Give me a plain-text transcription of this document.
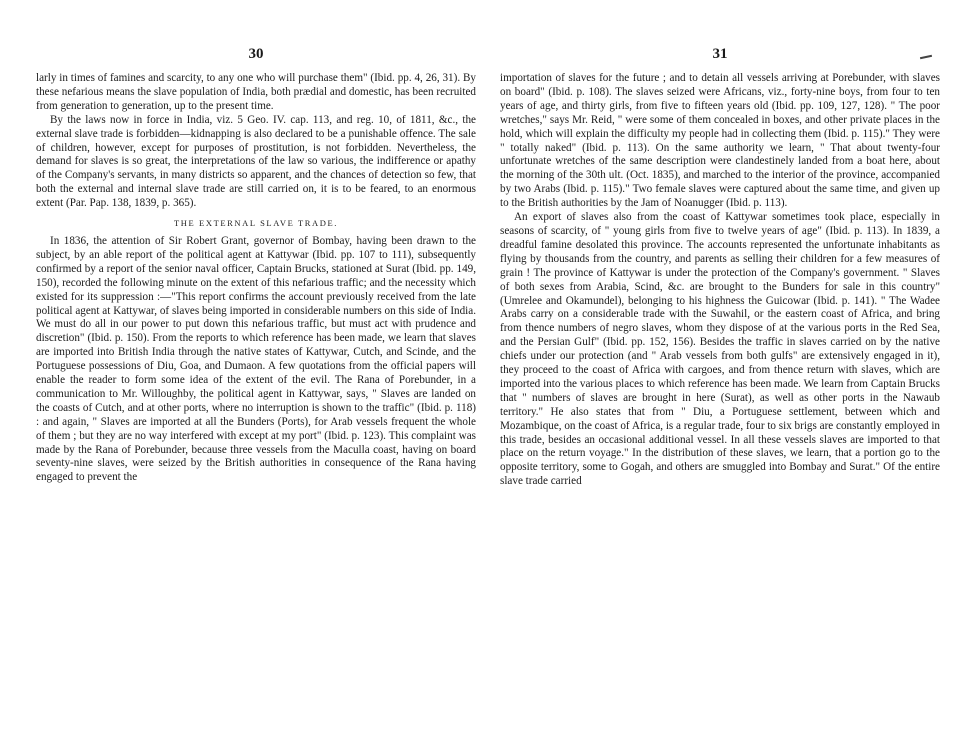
30

larly in times of famines and scarcity, to any one who will purchase them" (Ibid. pp. 4, 26, 31). By these nefarious means the slave population of India, both prædial and domestic, has been recruited from generation to generation, up to the present time.

By the laws now in force in India, viz. 5 Geo. IV. cap. 113, and reg. 10, of 1811, &c., the external slave trade is forbidden—kidnapping is also declared to be a punishable offence. The sale of children, however, except for purposes of prostitution, is not forbidden. Nevertheless, the demand for slaves is so great, the interpretations of the law so various, the indifference or apathy of the Company's servants, in many districts so apparent, and the chances of detection so few, that both the external and internal slave trade are still carried on, it is to be feared, to an enormous extent (Par. Pap. 138, 1839, p. 365).

THE EXTERNAL SLAVE TRADE.

In 1836, the attention of Sir Robert Grant, governor of Bombay, having been drawn to the subject, by an able report of the political agent at Kattywar (Ibid. pp. 107 to 111), subsequently confirmed by a report of the senior naval officer, Captain Brucks, stationed at Surat (Ibid. pp. 149, 150), recorded the following minute on the extent of this nefarious traffic; and the necessity which existed for its suppression :—"This report confirms the account previously received from the late political agent at Kattywar, of slaves being imported in considerable numbers on this side of India. We must do all in our power to put down this nefarious traffic, but must act with prudence and discretion" (Ibid. p. 150). From the reports to which reference has been made, we learn that slaves are imported into British India through the native states of Kattywar, Cutch, and Scinde, and the Portuguese possessions of Diu, Goa, and Dumaon. A few quotations from the official papers will enable the reader to form some idea of the extent of the evil. The Rana of Porebunder, in a communication to Mr. Willoughby, the political agent in Kattywar, says, " Slaves are landed on the coasts of Cutch, and at other ports, where no interruption is shown to the traffic" (Ibid. p. 118) : and again, " Slaves are imported at all the Bunders (Ports), for Arab vessels frequent the whole of them ; but they are no way interfered with except at my port" (Ibid. p. 123). This complaint was made by the Rana of Porebunder, because three vessels from the Maculla coast, having on board seventy-nine slaves, were seized by the British authorities in consequence of the Rana having engaged to prevent the

31

importation of slaves for the future ; and to detain all vessels arriving at Porebunder, with slaves on board" (Ibid. p. 108). The slaves seized were Africans, viz., forty-nine boys, from four to ten years of age, and thirty girls, from five to fifteen years old (Ibid. pp. 109, 127, 128). " The poor wretches," says Mr. Reid, " were some of them concealed in boxes, and other private places in the hold, which will explain the difficulty my people had in collecting them (Ibid. p. 115)." They were " totally naked" (Ibid. p. 113). On the same authority we learn, " That about twenty-four unfortunate wretches of the same description were clandestinely landed from a boat here, about the morning of the 30th ult. (Oct. 1835), and marched to the interior of the province, accompanied by two Arabs (Ibid. p. 115)." Two female slaves were captured about the same time, and given up to the British authorities by the Jam of Noanugger (Ibid. p. 113).

An export of slaves also from the coast of Kattywar sometimes took place, especially in seasons of scarcity, of " young girls from five to twelve years of age" (Ibid. p. 113). In 1839, a dreadful famine desolated this province. The accounts represented the unfortunate inhabitants as flying by thousands from the country, and parents as selling their children for a few measures of grain ! The province of Kattywar is under the protection of the Company's government. " Slaves of both sexes from Arabia, Scind, &c. are brought to the Bunders for sale in this country" (Umrelee and Okamundel), belonging to his highness the Guicowar (Ibid. p. 141). " The Wadee Arabs carry on a considerable trade with the Suwahil, or the eastern coast of Africa, and bring from thence numbers of negro slaves, whom they dispose of at the various ports in the Red Sea, and the Persian Gulf" (Ibid. pp. 152, 156). Besides the traffic in slaves carried on by the native chiefs under our protection (and " Arab vessels from both gulfs" are extensively engaged in it), they proceed to the coast of Africa with cargoes, and from thence return with slaves, which are imported into the various places to which reference has been made. We learn from Captain Brucks that " numbers of slaves are brought in here (Surat), as well as other ports in the Nawaub territory." He also states that from " Diu, a Portuguese settlement, between which and Mozambique, on the coast of Africa, is a regular trade, four to six brigs are constantly employed in this trade, besides an occasional additional vessel. In all these vessels slaves are imported to that place on the return voyage." In the distribution of these slaves, we learn, that a portion go to the opposite territory, some to Gogah, and others are smuggled into Bombay and Surat." Of the entire slave trade carried
